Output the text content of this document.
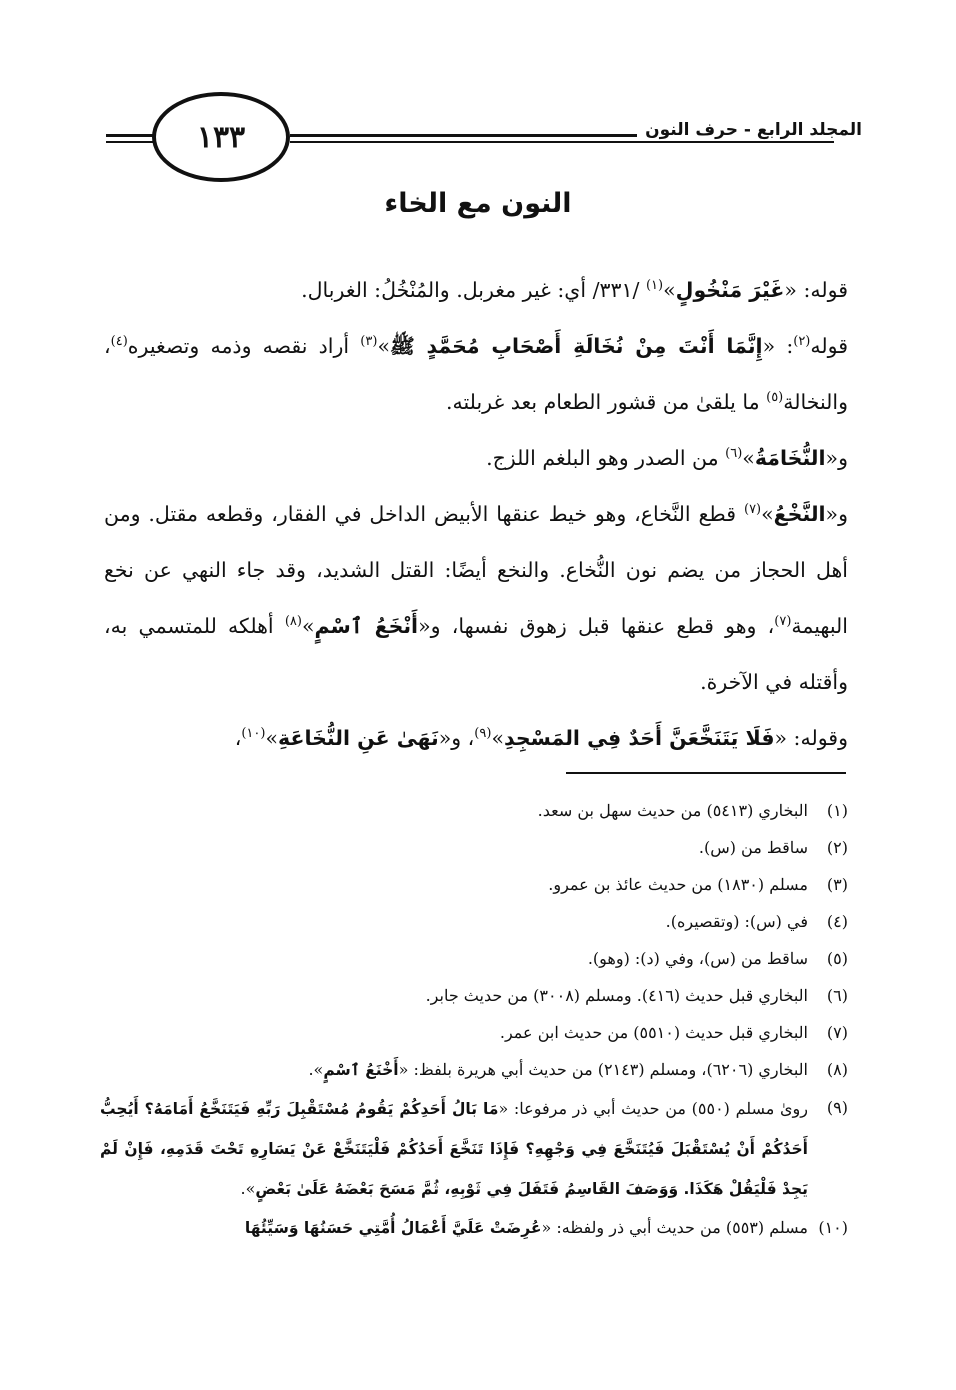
١٣٣	المجلد الرابع - حرف النون
النون مع الخاء

قوله: «غَيْرَ مَنْخُولٍ»$^{(١)}$ /٣٣١/ أي: غير مغربل. والمُنْخُلُ: الغربال.

قوله$^{(٢)}$: «إِنَّمَا أَنْتَ مِنْ نُخَالَةِ أَصْحَابِ مُحَمَّدٍ ﷺ»$^{(٣)}$ أراد نقصه وذمه وتصغيره$^{(٤)}$، والنخالة$^{(٥)}$ ما يلقىٰ من قشور الطعام بعد غربلته.

و«النُّخَامَةُ»$^{(٦)}$ من الصدر وهو البلغم اللزج.

و«النَّخْعُ»$^{(٧)}$ قطع النَّخاع، وهو خيط عنقها الأبيض الداخل في الفقار، وقطعه مقتل. ومن أهل الحجاز من يضم نون النُّخاع. والنخع أيضًا: القتل الشديد، وقد جاء النهي عن نخع البهيمة$^{(٧)}$، وهو قطع عنقها قبل زهوق نفسها، و«أَنْخَعُ ٱسْمٍ»$^{(٨)}$ أهلكه للمتسمي به، وأقتله في الآخرة.

وقوله: «فَلَا يَتَنَخَّعَنَّ أَحَدٌ فِي المَسْجِدِ»$^{(٩)}$، و«نَهَىٰ عَنِ النُّخَاعَةِ»$^{(١٠)}$،

(١)
البخاري (٥٤١٣) من حديث سهل بن سعد.
(٢)
ساقط من (س).
(٣)
مسلم (١٨٣٠) من حديث عائذ بن عمرو.
(٤)
في (س): (وتقصيره).
(٥)
ساقط من (س)، وفي (د): (وهو).
(٦)
البخاري قبل حديث (٤١٦). ومسلم (٣٠٠٨) من حديث جابر.
(٧)
البخاري قبل حديث (٥٥١٠) من حديث ابن عمر.
(٨)
البخاري (٦٢٠٦)، ومسلم (٢١٤٣) من حديث أبي هريرة بلفظ: «أَخْنَعُ ٱسْمٍ».
(٩)
روىٰ مسلم (٥٥٠) من حديث أبي ذر مرفوعا: «مَا بَالُ أَحَدِكُمْ يَقُومُ مُسْتَقْبِلَ رَبِّهِ فَيَتَنَخَّعُ أَمَامَهُ؟ أَيُحِبُّ أَحَدُكُمْ أَنْ يُسْتَقْبَلَ فَيُتَنَخَّعَ فِي وَجْهِهِ؟ فَإِذَا تَنَخَّعَ أَحَدُكُمْ فَلْيَتَنَخَّعْ عَنْ يَسَارِهِ تَحْتَ قَدَمِهِ، فَإِنْ لَمْ يَجِدْ فَلْيَقُلْ هَكَذَا. وَوَصَفَ القَاسِمُ فَتَفَلَ فِي ثَوْبِهِ، ثُمَّ مَسَحَ بَعْضَهُ عَلَىٰ بَعْضٍ».
(١٠)
مسلم (٥٥٣) من حديث أبي ذر ولفظه: «عُرِضَتْ عَلَيَّ أَعْمَالُ أُمَّتِي حَسَنُهَا وَسَيِّئُهَا
